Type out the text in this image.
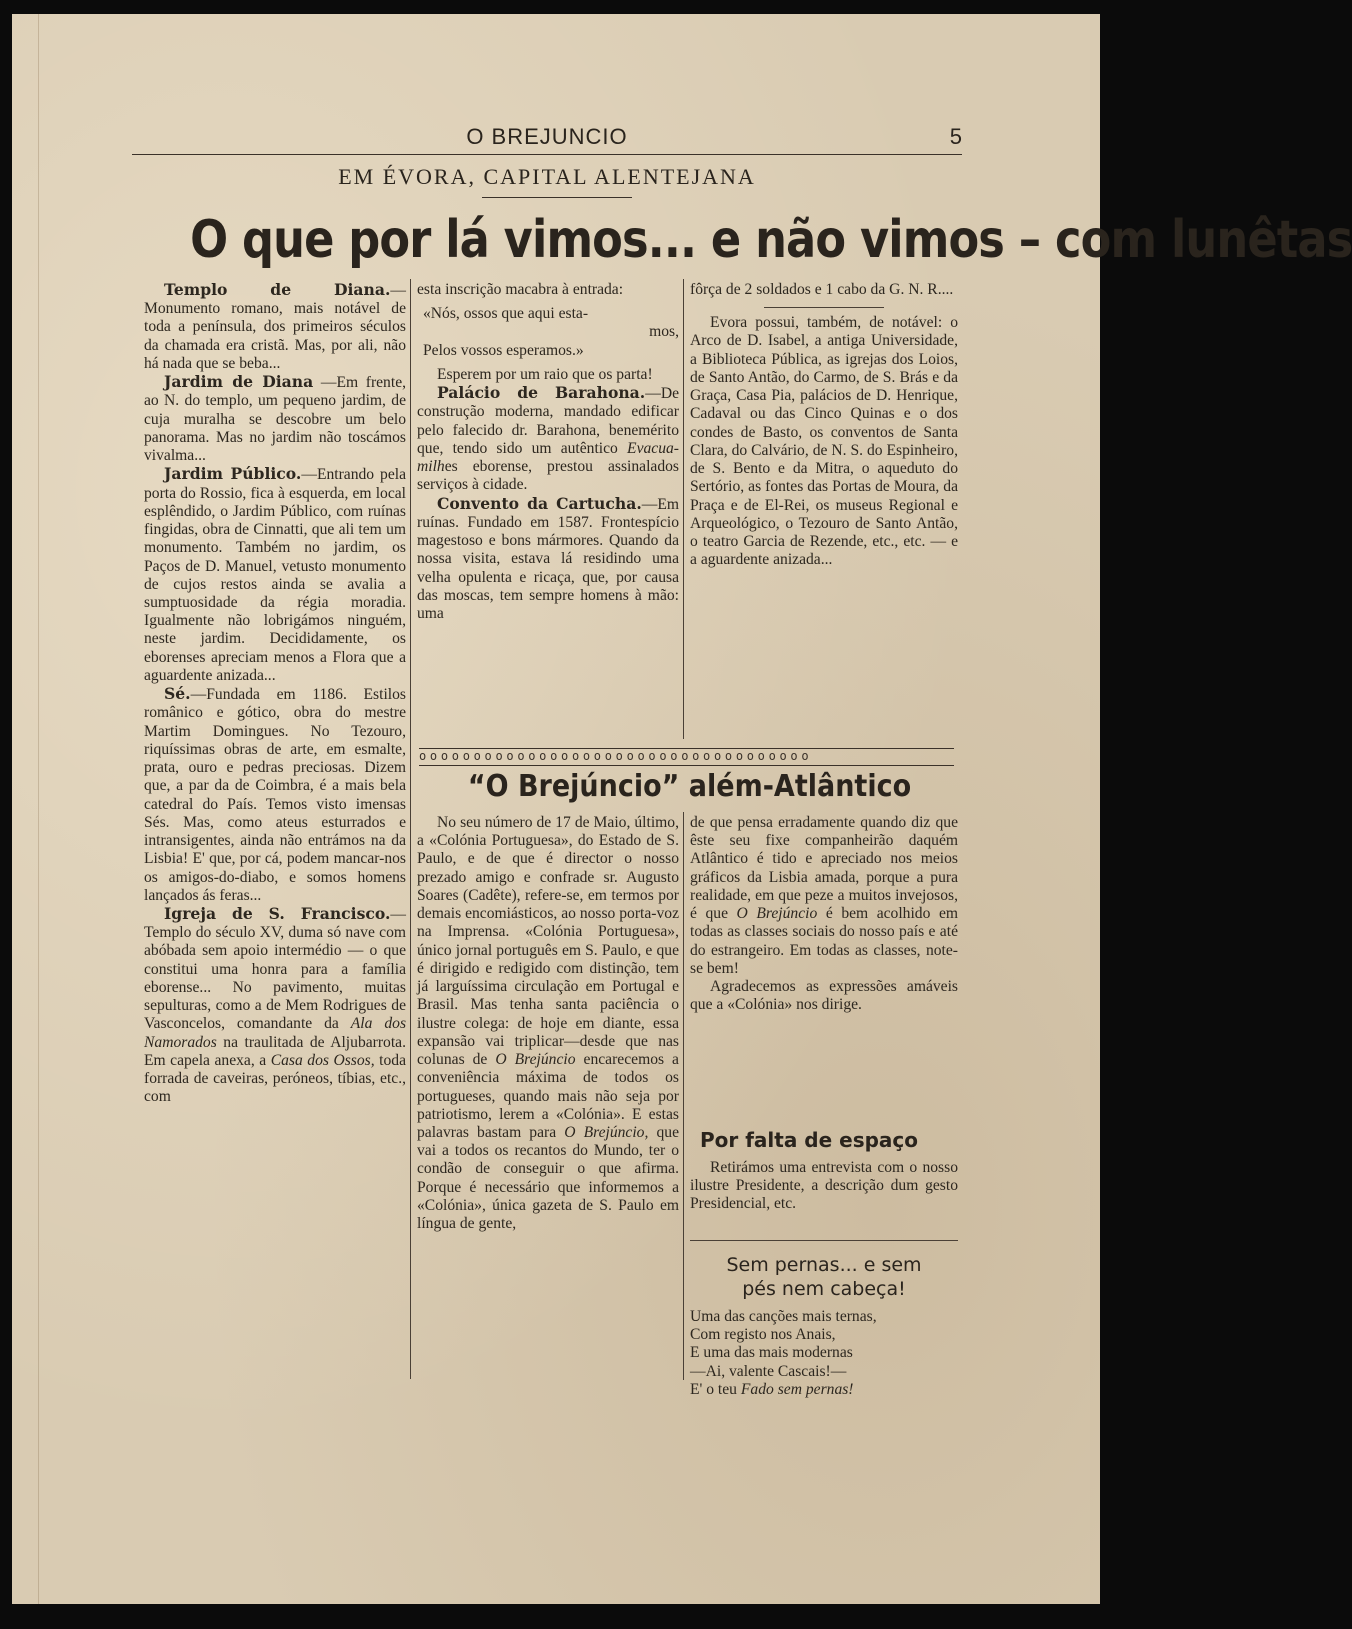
O BREJUNCIO	5
EM ÉVORA, CAPITAL ALENTEJANA
O que por lá vimos... e não vimos – com lunêtas

Templo de Diana.—Monumento romano, mais notável de toda a península, dos primeiros séculos da chamada era cristã. Mas, por ali, não há nada que se beba...

Jardim de Diana —Em frente, ao N. do templo, um pequeno jardim, de cuja muralha se descobre um belo panorama. Mas no jardim não toscámos vivalma...

Jardim Público.—Entrando pela porta do Rossio, fica à esquerda, em local esplêndido, o Jardim Público, com ruínas fingidas, obra de Cinnatti, que ali tem um monumento. Também no jardim, os Paços de D. Manuel, vetusto monumento de cujos restos ainda se avalia a sumptuosidade da régia moradia. Igualmente não lobrigámos ninguém, neste jardim. Decididamente, os eborenses apreciam menos a Flora que a aguardente anizada...

Sé.—Fundada em 1186. Estilos românico e gótico, obra do mestre Martim Domingues. No Tezouro, riquíssimas obras de arte, em esmalte, prata, ouro e pedras preciosas. Dizem que, a par da de Coimbra, é a mais bela catedral do País. Temos visto imensas Sés. Mas, como ateus esturrados e intransigentes, ainda não entrámos na da Lisbia! E' que, por cá, podem mancar-nos os amigos-do-diabo, e somos homens lançados ás feras...

Igreja de S. Francisco.—Templo do século XV, duma só nave com abóbada sem apoio intermédio — o que constitui uma honra para a família eborense... No pavimento, muitas sepulturas, como a de Mem Rodrigues de Vasconcelos, comandante da Ala dos Namorados na traulitada de Aljubarrota. Em capela anexa, a Casa dos Ossos, toda forrada de caveiras, perónеos, tíbias, etc., com

esta inscrição macabra à entrada:

«Nós, ossos que aqui esta-

mos,

Pelos vossos esperamos.»

Esperem por um raio que os parta!

Palácio de Barahona.—De construção moderna, mandado edificar pelo falecido dr. Barahona, benemérito que, tendo sido um autêntico Evacua-milhes eborense, prestou assinalados serviços à cidade.

Convento da Cartucha.—Em ruínas. Fundado em 1587. Frontespício magestoso e bons mármores. Quando da nossa visita, estava lá residindo uma velha opulenta e ricaça, que, por causa das moscas, tem sempre homens à mão: uma

fôrça de 2 soldados e 1 cabo da G. N. R....

Evora possui, também, de notável: o Arco de D. Isabel, a antiga Universidade, a Biblioteca Pública, as igrejas dos Loios, de Santo Antão, do Carmo, de S. Brás e da Graça, Casa Pia, palácios de D. Henrique, Cadaval ou das Cinco Quinas e o dos condes de Basto, os conventos de Santa Clara, do Calvário, de N. S. do Espinheiro, de S. Bento e da Mitra, o aqueduto do Sertório, as fontes das Portas de Moura, da Praça e de El-Rei, os museus Regional e Arqueológico, o Tezouro de Santo Antão, o teatro Garcia de Rezende, etc., etc. — e a aguardente anizada...

oooooooooooooooooooooooooooooooooooo
“O Brejúncio” além-Atlântico

No seu número de 17 de Maio, último, a «Colónia Portuguesa», do Estado de S. Paulo, e de que é director o nosso prezado amigo e confrade sr. Augusto Soares (Cadête), refere-se, em termos por demais encomiásticos, ao nosso porta-voz na Imprensa. «Colónia Portuguesa», único jornal português em S. Paulo, e que é dirigido e redigido com distinção, tem já larguíssima circulação em Portugal e Brasil. Mas tenha santa paciência o ilustre colega: de hoje em diante, essa expansão vai triplicar—desde que nas colunas de O Brejúncio encarecemos a conveniência máxima de todos os portugueses, quando mais não seja por patriotismo, lerem a «Colónia». E estas palavras bastam para O Brejúncio, que vai a todos os recantos do Mundo, ter o condão de conseguir o que afirma. Porque é necessário que informemos a «Colónia», única gazeta de S. Paulo em língua de gente,

de que pensa erradamente quando diz que êste seu fixe companheirão daquém Atlântico é tido e apreciado nos meios gráficos da Lisbia amada, porque a pura realidade, em que peze a muitos invejosos, é que O Brejúncio é bem acolhido em todas as classes sociais do nosso país e até do estrangeiro. Em todas as classes, note-se bem!

Agradecemos as expressões amáveis que a «Colónia» nos dirige.

Por falta de espaço

Retirámos uma entrevista com o nosso ilustre Presidente, a descrição dum gesto Presidencial, etc.

Sem pernas... e sem
pés nem cabeça!

Uma das canções mais ternas,

Com registo nos Anais,

E uma das mais modernas

—Ai, valente Cascais!—

E' o teu Fado sem pernas!
